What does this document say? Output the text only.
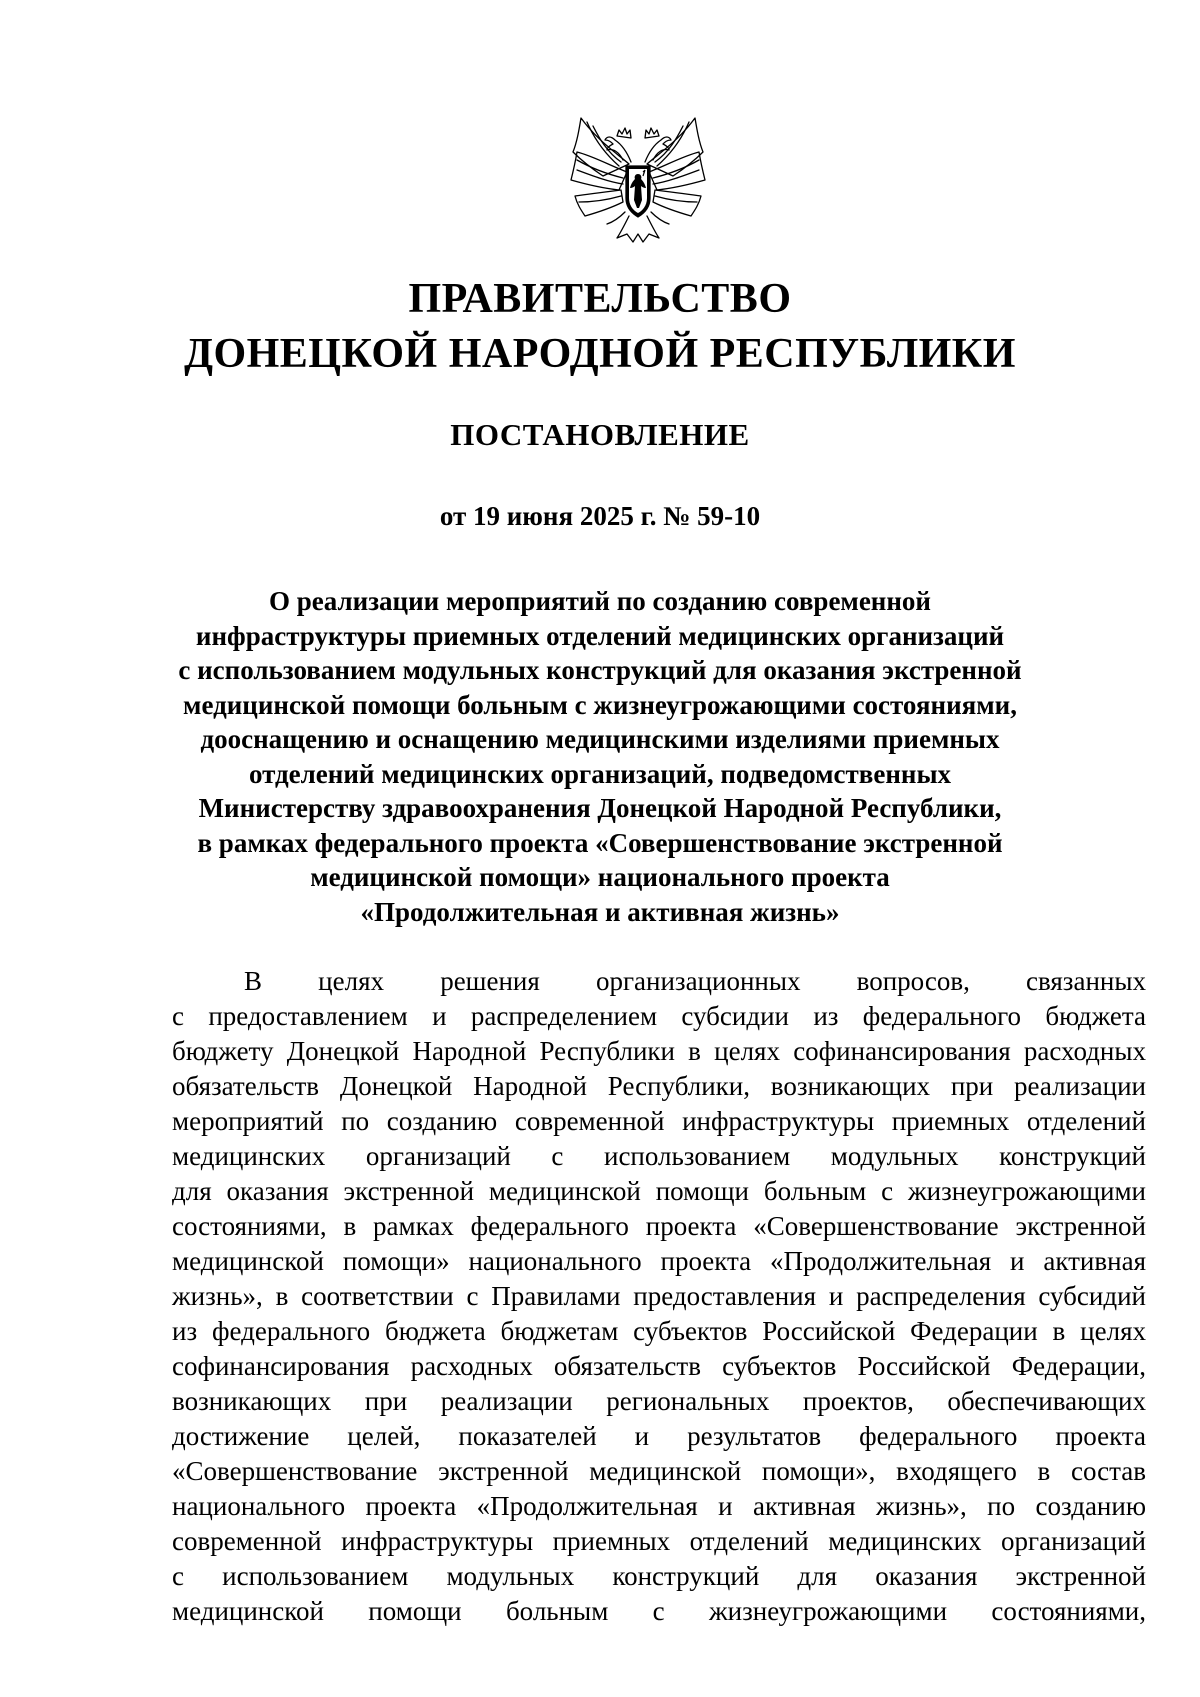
ПРАВИТЕЛЬСТВО
ДОНЕЦКОЙ НАРОДНОЙ РЕСПУБЛИКИ
ПОСТАНОВЛЕНИЕ
от 19 июня 2025 г. № 59-10
О реализации мероприятий по созданию современной
инфраструктуры приемных отделений медицинских организаций
с использованием модульных конструкций для оказания экстренной
медицинской помощи больным с жизнеугрожающими состояниями,
дооснащению и оснащению медицинскими изделиями приемных
отделений медицинских организаций, подведомственных
Министерству здравоохранения Донецкой Народной Республики,
в рамках федерального проекта «Совершенствование экстренной
медицинской помощи» национального проекта
«Продолжительная и активная жизнь»
В целях решения организационных вопросов, связанных
с предоставлением и распределением субсидии из федерального бюджета
бюджету Донецкой Народной Республики в целях софинансирования расходных
обязательств Донецкой Народной Республики, возникающих при реализации
мероприятий по созданию современной инфраструктуры приемных отделений
медицинских организаций с использованием модульных конструкций
для оказания экстренной медицинской помощи больным с жизнеугрожающими
состояниями, в рамках федерального проекта «Совершенствование экстренной
медицинской помощи» национального проекта «Продолжительная и активная
жизнь», в соответствии с Правилами предоставления и распределения субсидий
из федерального бюджета бюджетам субъектов Российской Федерации в целях
софинансирования расходных обязательств субъектов Российской Федерации,
возникающих при реализации региональных проектов, обеспечивающих
достижение целей, показателей и результатов федерального проекта
«Совершенствование экстренной медицинской помощи», входящего в состав
национального проекта «Продолжительная и активная жизнь», по созданию
современной инфраструктуры приемных отделений медицинских организаций
с использованием модульных конструкций для оказания экстренной
медицинской помощи больным с жизнеугрожающими состояниями,
